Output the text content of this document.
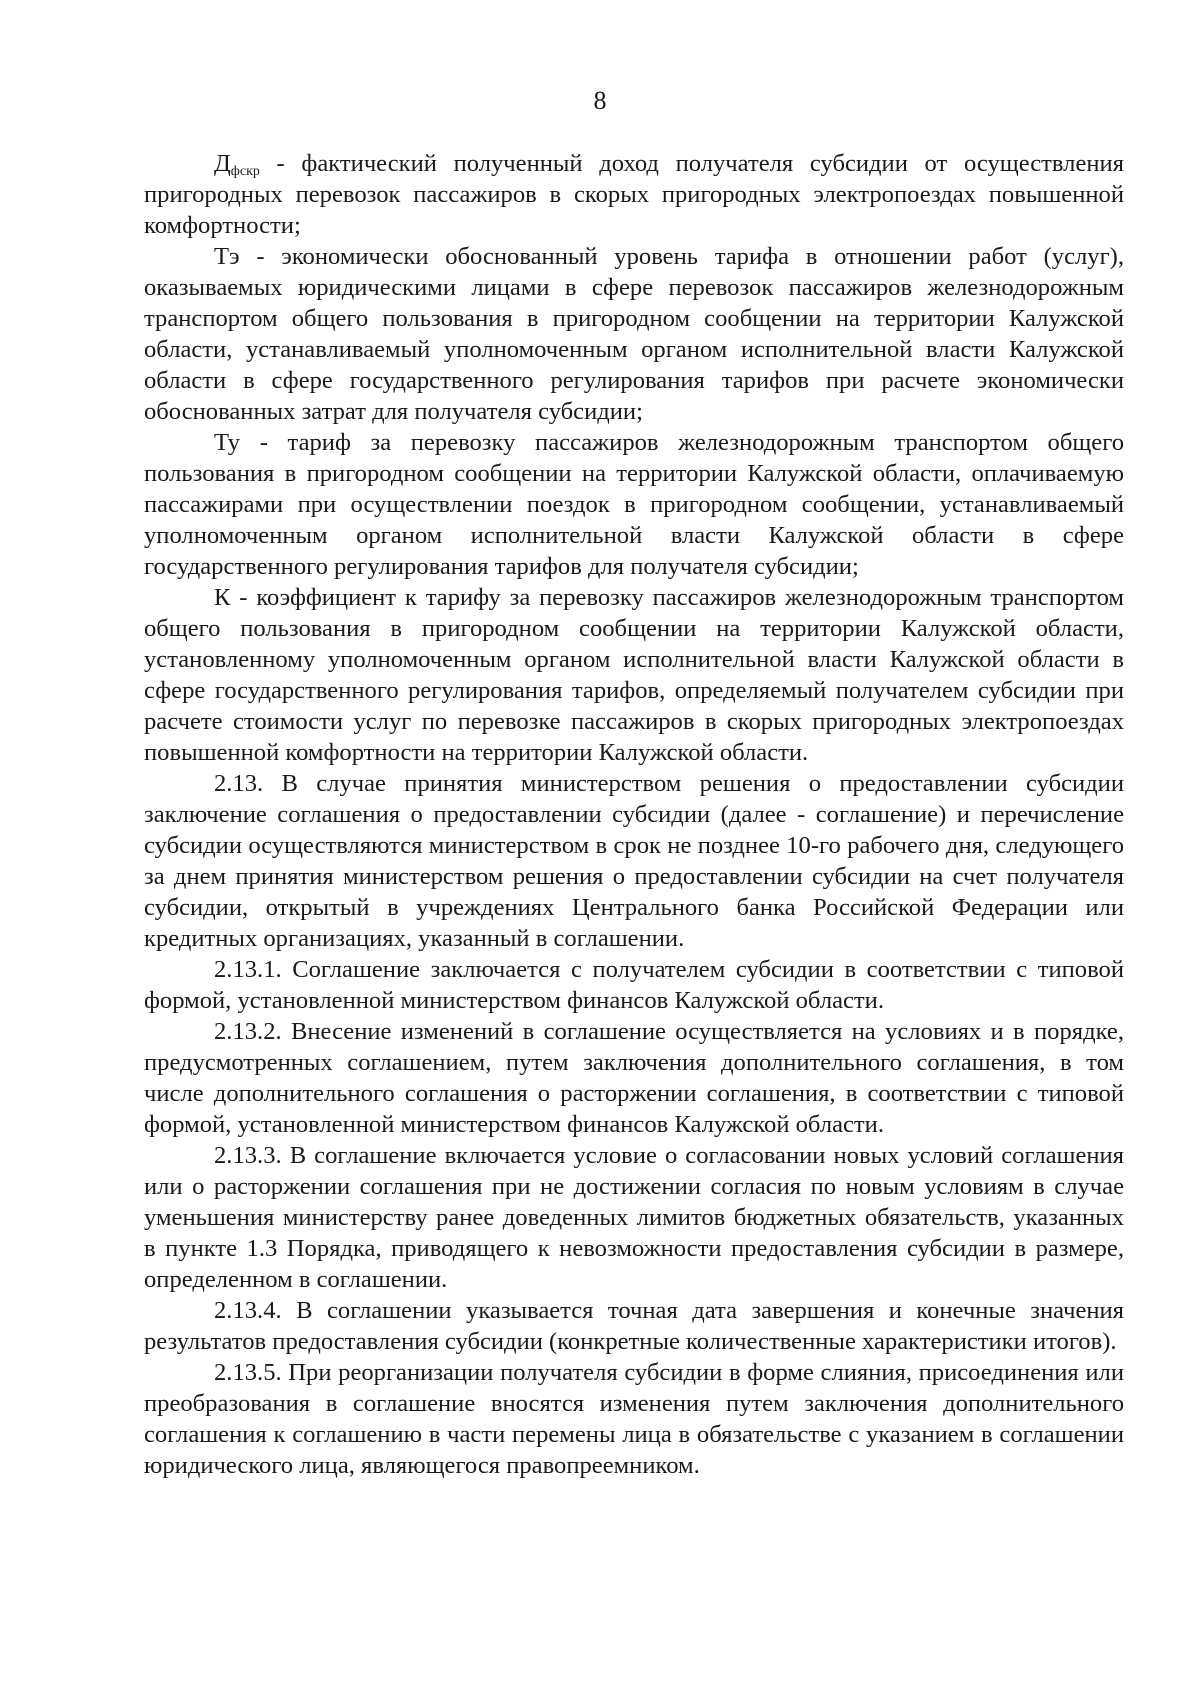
8

$Д_{фскр}$ - фактический полученный доход получателя субсидии от осуществления пригородных перевозок пассажиров в скорых пригородных электропоездах повышенной комфортности;

Тэ - экономически обоснованный уровень тарифа в отношении работ (услуг), оказываемых юридическими лицами в сфере перевозок пассажиров железнодорожным транспортом общего пользования в пригородном сообщении на территории Калужской области, устанавливаемый уполномоченным органом исполнительной власти Калужской области в сфере государственного регулирования тарифов при расчете экономически обоснованных затрат для получателя субсидии;

Ту - тариф за перевозку пассажиров железнодорожным транспортом общего пользования в пригородном сообщении на территории Калужской области, оплачиваемую пассажирами при осуществлении поездок в пригородном сообщении, устанавливаемый уполномоченным органом исполнительной власти Калужской области в сфере государственного регулирования тарифов для получателя субсидии;

К - коэффициент к тарифу за перевозку пассажиров железнодорожным транспортом общего пользования в пригородном сообщении на территории Калужской области, установленному уполномоченным органом исполнительной власти Калужской области в сфере государственного регулирования тарифов, определяемый получателем субсидии при расчете стоимости услуг по перевозке пассажиров в скорых пригородных электропоездах повышенной комфортности на территории Калужской области.

2.13. В случае принятия министерством решения о предоставлении субсидии заключение соглашения о предоставлении субсидии (далее - соглашение) и перечисление субсидии осуществляются министерством в срок не позднее 10-го рабочего дня, следующего за днем принятия министерством решения о предоставлении субсидии на счет получателя субсидии, открытый в учреждениях Центрального банка Российской Федерации или кредитных организациях, указанный в соглашении.

2.13.1. Соглашение заключается с получателем субсидии в соответствии с типовой формой, установленной министерством финансов Калужской области.

2.13.2. Внесение изменений в соглашение осуществляется на условиях и в порядке, предусмотренных соглашением, путем заключения дополнительного соглашения, в том числе дополнительного соглашения о расторжении соглашения, в соответствии с типовой формой, установленной министерством финансов Калужской области.

2.13.3. В соглашение включается условие о согласовании новых условий соглашения или о расторжении соглашения при не достижении согласия по новым условиям в случае уменьшения министерству ранее доведенных лимитов бюджетных обязательств, указанных в пункте 1.3 Порядка, приводящего к невозможности предоставления субсидии в размере, определенном в соглашении.

2.13.4. В соглашении указывается точная дата завершения и конечные значения результатов предоставления субсидии (конкретные количественные характеристики итогов).

2.13.5. При реорганизации получателя субсидии в форме слияния, присоединения или преобразования в соглашение вносятся изменения путем заключения дополнительного соглашения к соглашению в части перемены лица в обязательстве с указанием в соглашении юридического лица, являющегося правопреемником.
